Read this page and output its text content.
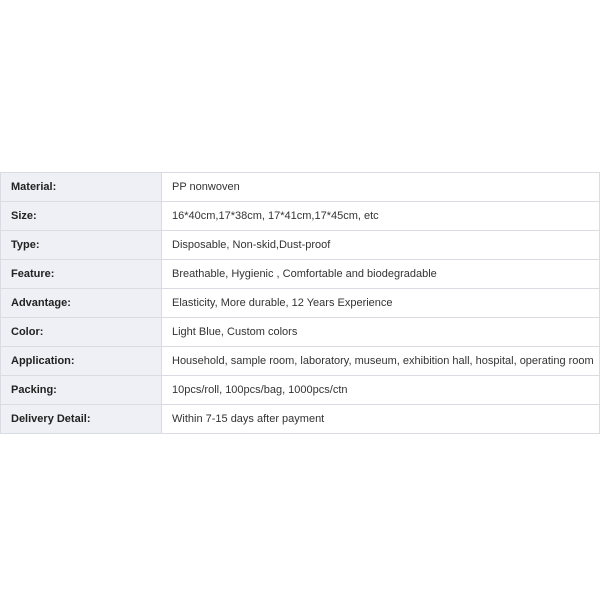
Material:	PP nonwoven
Size:	16*40cm,17*38cm, 17*41cm,17*45cm, etc
Type:	Disposable, Non-skid,Dust-proof
Feature:	Breathable, Hygienic , Comfortable and biodegradable
Advantage:	Elasticity, More durable, 12 Years Experience
Color:	Light Blue, Custom colors
Application:	Household, sample room, laboratory, museum, exhibition hall, hospital, operating room
Packing:	10pcs/roll, 100pcs/bag, 1000pcs/ctn
Delivery Detail:	Within 7-15 days after payment
